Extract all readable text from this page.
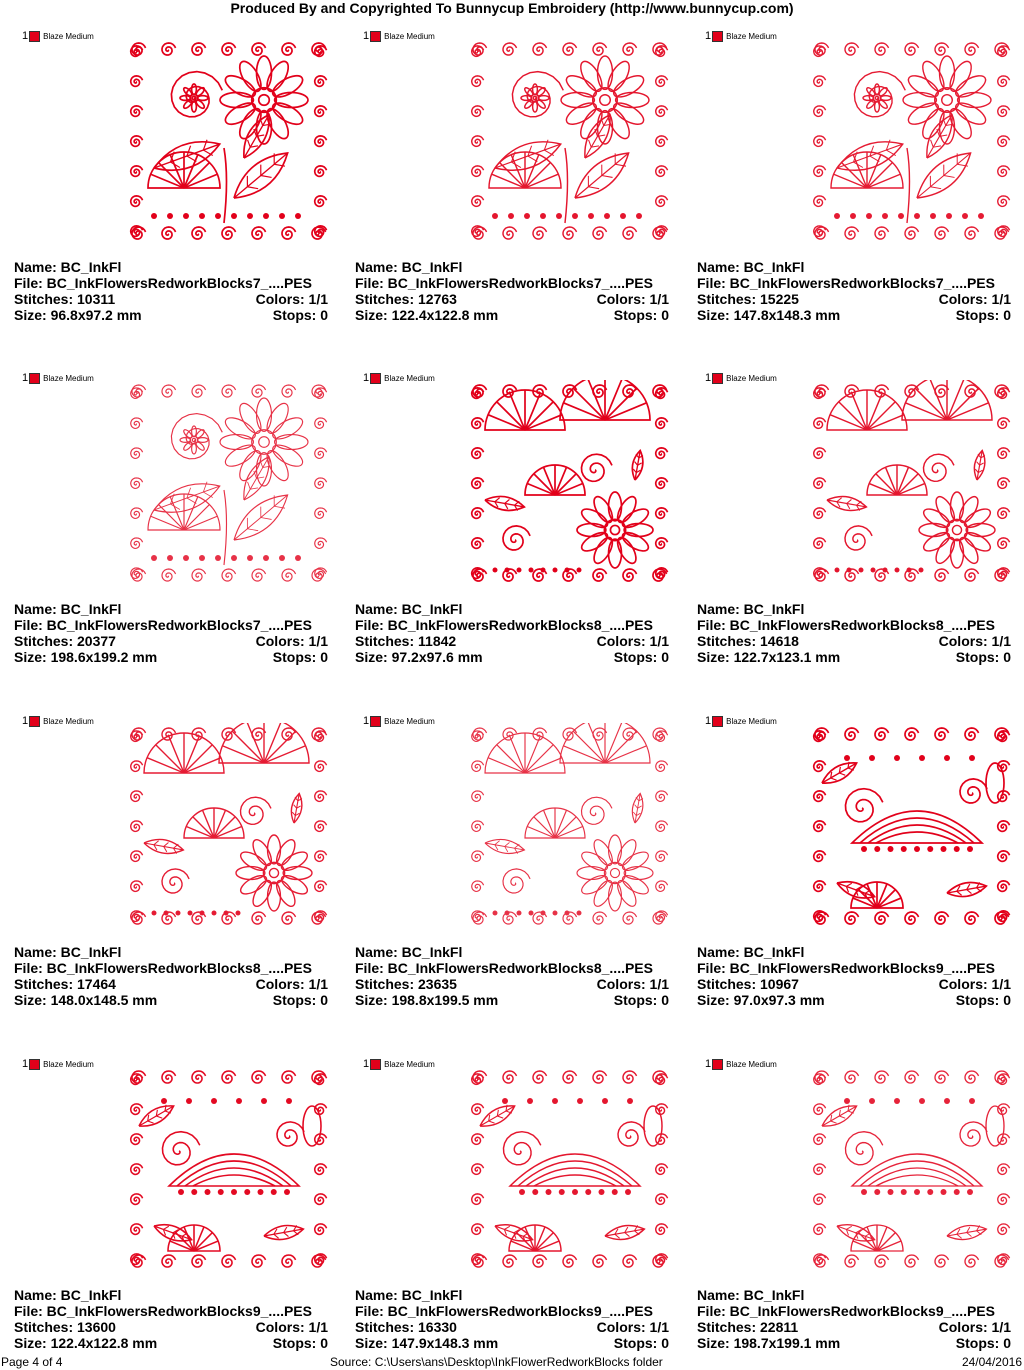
Produced By and Copyrighted To Bunnycup Embroidery (http://www.bunnycup.com)
1 Blaze Medium
Name: BC_InkFl
File: BC_InkFlowersRedworkBlocks7_....PES
Stitches: 10311	Colors: 1/1
Size: 96.8x97.2 mm	Stops: 0
1 Blaze Medium
Name: BC_InkFl
File: BC_InkFlowersRedworkBlocks7_....PES
Stitches: 12763	Colors: 1/1
Size: 122.4x122.8 mm	Stops: 0
1 Blaze Medium
Name: BC_InkFl
File: BC_InkFlowersRedworkBlocks7_....PES
Stitches: 15225	Colors: 1/1
Size: 147.8x148.3 mm	Stops: 0
1 Blaze Medium
Name: BC_InkFl
File: BC_InkFlowersRedworkBlocks7_....PES
Stitches: 20377	Colors: 1/1
Size: 198.6x199.2 mm	Stops: 0
1 Blaze Medium
Name: BC_InkFl
File: BC_InkFlowersRedworkBlocks8_....PES
Stitches: 11842	Colors: 1/1
Size: 97.2x97.6 mm	Stops: 0
1 Blaze Medium
Name: BC_InkFl
File: BC_InkFlowersRedworkBlocks8_....PES
Stitches: 14618	Colors: 1/1
Size: 122.7x123.1 mm	Stops: 0
1 Blaze Medium
Name: BC_InkFl
File: BC_InkFlowersRedworkBlocks8_....PES
Stitches: 17464	Colors: 1/1
Size: 148.0x148.5 mm	Stops: 0
1 Blaze Medium
Name: BC_InkFl
File: BC_InkFlowersRedworkBlocks8_....PES
Stitches: 23635	Colors: 1/1
Size: 198.8x199.5 mm	Stops: 0
1 Blaze Medium
Name: BC_InkFl
File: BC_InkFlowersRedworkBlocks9_....PES
Stitches: 10967	Colors: 1/1
Size: 97.0x97.3 mm	Stops: 0
1 Blaze Medium
Name: BC_InkFl
File: BC_InkFlowersRedworkBlocks9_....PES
Stitches: 13600	Colors: 1/1
Size: 122.4x122.8 mm	Stops: 0
1 Blaze Medium
Name: BC_InkFl
File: BC_InkFlowersRedworkBlocks9_....PES
Stitches: 16330	Colors: 1/1
Size: 147.9x148.3 mm	Stops: 0
1 Blaze Medium
Name: BC_InkFl
File: BC_InkFlowersRedworkBlocks9_....PES
Stitches: 22811	Colors: 1/1
Size: 198.7x199.1 mm	Stops: 0
Page 4 of 4	Source: C:\Users\ans\Desktop\InkFlowerRedworkBlocks folder	24/04/2016
